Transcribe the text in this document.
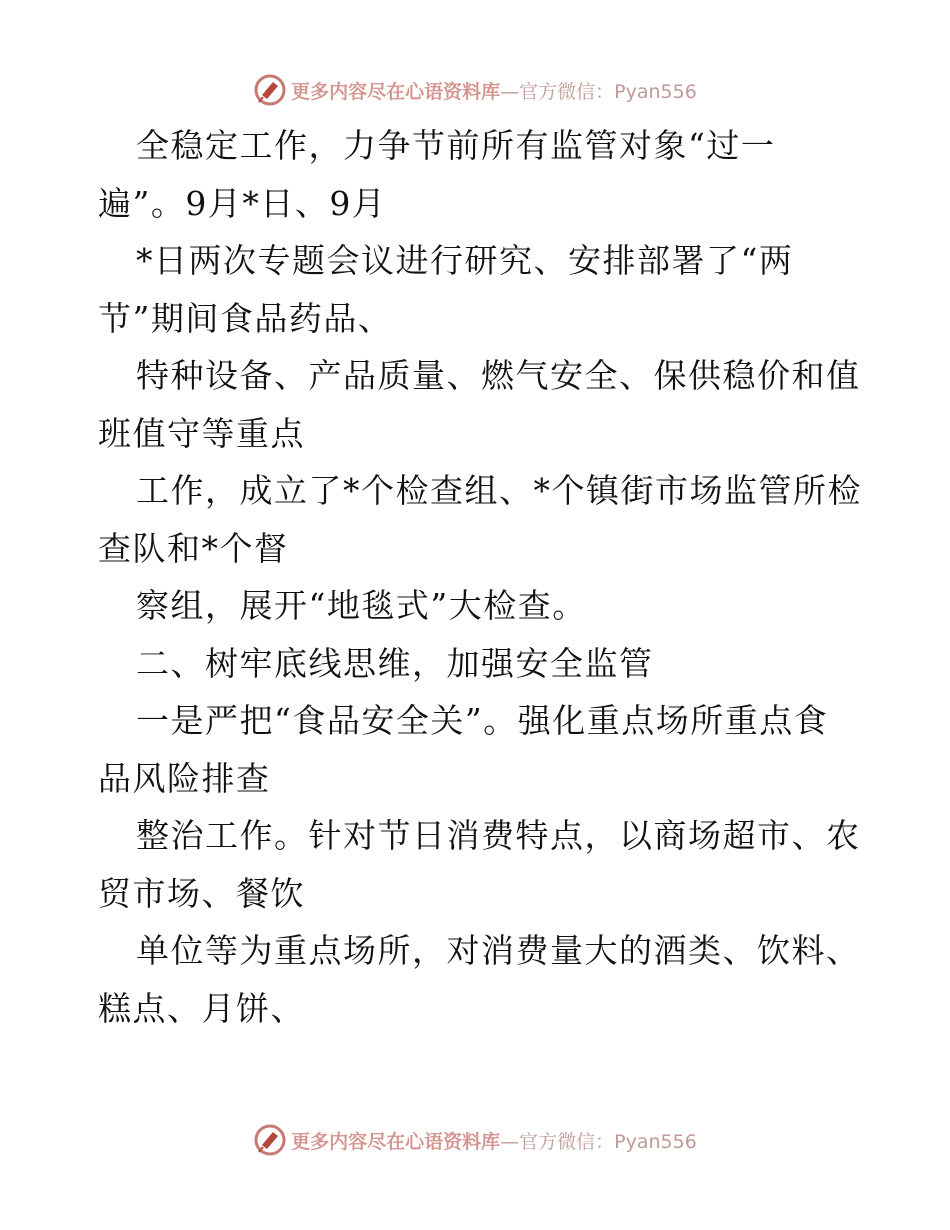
更多内容尽在心语资料库—官方微信：Pyan556
全稳定工作，力争节前所有监管对象“过一
遍”。9月*日、9月
*日两次专题会议进行研究、安排部署了“两
节”期间食品药品、
特种设备、产品质量、燃气安全、保供稳价和值
班值守等重点
工作，成立了*个检查组、*个镇街市场监管所检
查队和*个督
察组，展开“地毯式”大检查。
二、树牢底线思维，加强安全监管
一是严把“食品安全关”。强化重点场所重点食
品风险排查
整治工作。针对节日消费特点，以商场超市、农
贸市场、餐饮
单位等为重点场所，对消费量大的酒类、饮料、
糕点、月饼、
更多内容尽在心语资料库—官方微信：Pyan556
